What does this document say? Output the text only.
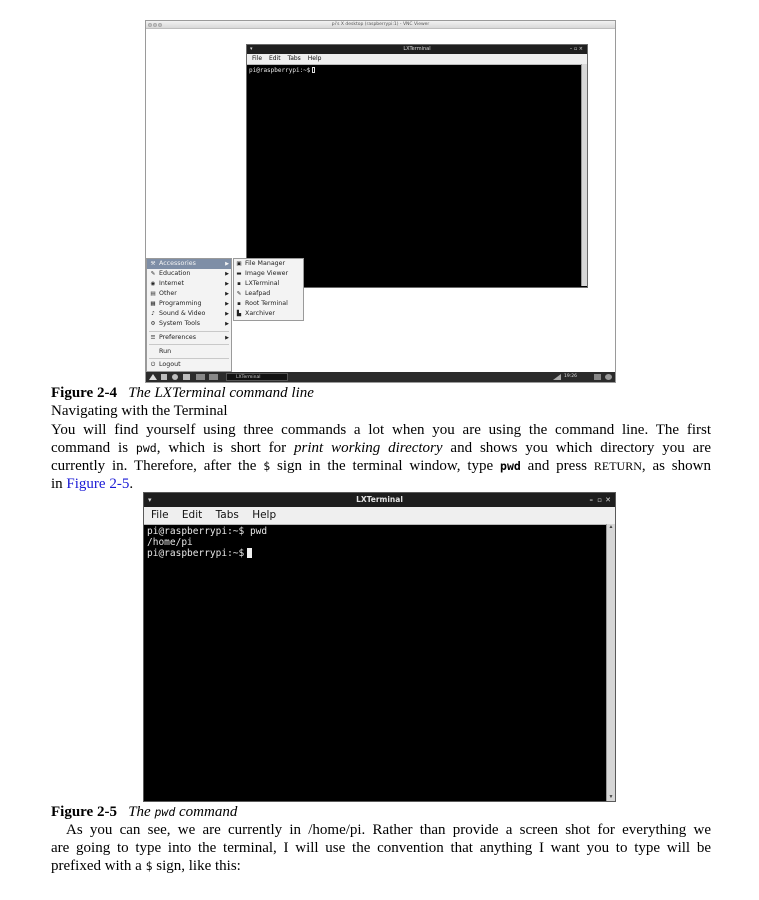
pi's X desktop (raspberrypi:1) - VNC Viewer
LXTerminal	– ▫ ×
▾
File Edit Tabs Help
pi@raspberrypi:~$
⚒ Accessories	▶
✎ Education	▶
◉ Internet	▶
▤ Other	▶
▦ Programming	▶
♪ Sound & Video	▶
⚙ System Tools	▶
☰ Preferences	▶
Run
⏻ Logout
▣ File Manager
▬ Image Viewer
▪ LXTerminal
✎ Leafpad
▪ Root Terminal
▙ Xarchiver
LXTerminal	19:26
Figure 2-4 The LXTerminal command line
Navigating with the Terminal
You will find yourself using three commands a lot when you are using the command line. The first
command is pwd, which is short for print working directory and shows you which directory you are
currently in. Therefore, after the $ sign in the terminal window, type pwd and press RETURN, as shown
in Figure 2-5.
▾	LXTerminal	– ▫ ✕
File Edit Tabs Help
pi@raspberrypi:~$ pwd
/home/pi
pi@raspberrypi:~$
▲
▼
Figure 2-5 The pwd command
As you can see, we are currently in /home/pi. Rather than provide a screen shot for everything we
are going to type into the terminal, I will use the convention that anything I want you to type will be
prefixed with a $ sign, like this:
